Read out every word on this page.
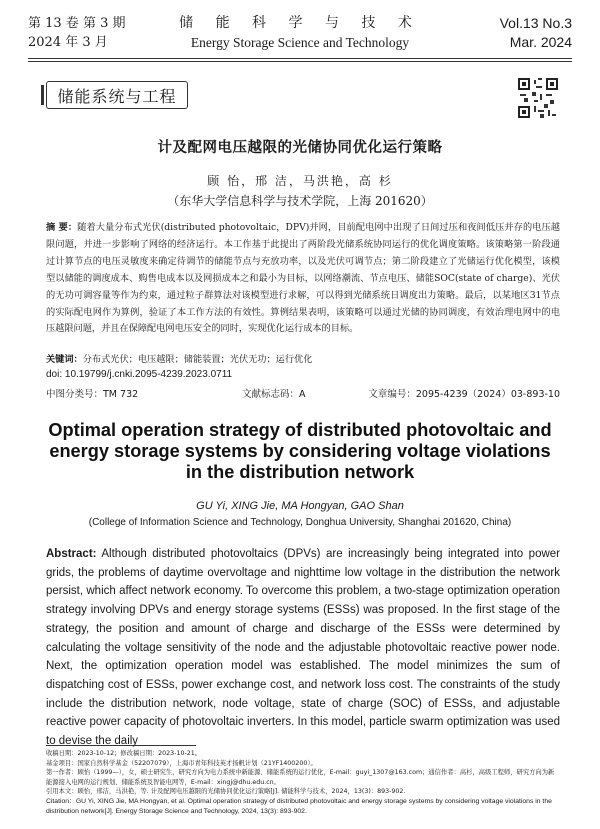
第 13 卷 第 3 期
2024 年 3 月
储 能 科 学 与 技 术
Energy Storage Science and Technology
Vol.13 No.3
Mar. 2024
储能系统与工程
计及配网电压越限的光储协同优化运行策略
顾 怡，邢 洁，马洪艳，高 杉
（东华大学信息科学与技术学院，上海 201620）
摘 要：随着大量分布式光伏(distributed photovoltaic，DPV)并网，目前配电网中出现了日间过压和夜间低压并存的电压越限问题，并进一步影响了网络的经济运行。本工作基于此提出了两阶段光储系统协同运行的优化调度策略。该策略第一阶段通过计算节点的电压灵敏度来确定待调节的储能节点与充放功率，以及光伏可调节点；第二阶段建立了光储运行优化模型，该模型以储能的调度成本、购售电成本以及网损成本之和最小为目标，以网络潮流、节点电压、储能SOC(state of charge)、光伏的无功可调容量等作为约束，通过粒子群算法对该模型进行求解，可以得到光储系统日调度出力策略。最后，以某地区31节点的实际配电网作为算例，验证了本工作方法的有效性。算例结果表明，该策略可以通过光储的协同调度，有效治理电网中的电压越限问题，并且在保障配电网电压安全的同时，实现优化运行成本的目标。
关键词：分布式光伏；电压越限；储能装置；光伏无功；运行优化
doi: 10.19799/j.cnki.2095-4239.2023.0711
中图分类号：TM 732	文献标志码：A	文章编号：2095-4239（2024）03-893-10
Optimal operation strategy of distributed photovoltaic and energy storage systems by considering voltage violations in the distribution network
GU Yi, XING Jie, MA Hongyan, GAO Shan
(College of Information Science and Technology, Donghua University, Shanghai 201620, China)
Abstract: Although distributed photovoltaics (DPVs) are increasingly being integrated into power grids, the problems of daytime overvoltage and nighttime low voltage in the distribution the network persist, which affect network economy. To overcome this problem, a two-stage optimization operation strategy involving DPVs and energy storage systems (ESSs) was proposed. In the first stage of the strategy, the position and amount of charge and discharge of the ESSs were determined by calculating the voltage sensitivity of the node and the adjustable photovoltaic reactive power node. Next, the optimization operation model was established. The model minimizes the sum of dispatching cost of ESSs, power exchange cost, and network loss cost. The constraints of the study include the distribution network, node voltage, state of charge (SOC) of ESSs, and adjustable reactive power capacity of photovoltaic inverters. In this model, particle swarm optimization was used to devise the daily
收稿日期：2023-10-12；修改稿日期：2023-10-21。
基金项目：国家自然科学基金（52207079），上海市青年科技英才扬帆计划（21YF1400200）。
第一作者：顾怡（1999—），女，硕士研究生，研究方向为电力系统中新能源、储能系统的运行优化，E-mail：guyi_1307@163.com；通信作者：高杉，高级工程师，研究方向为新能源接入电网的运行规划、储能系统及智能电网等，E-mail：xingj@dhu.edu.cn。
引用本文：顾怡，邢洁，马洪艳，等. 计及配网电压越限的光储协同优化运行策略[J]. 储能科学与技术，2024，13(3)：893-902.
Citation：GU Yi, XING Jie, MA Hongyan, et al. Optimal operation strategy of distributed photovoltaic and energy storage systems by considering voltage violations in the distribution network[J]. Energy Storage Science and Technology, 2024, 13(3): 893-902.
